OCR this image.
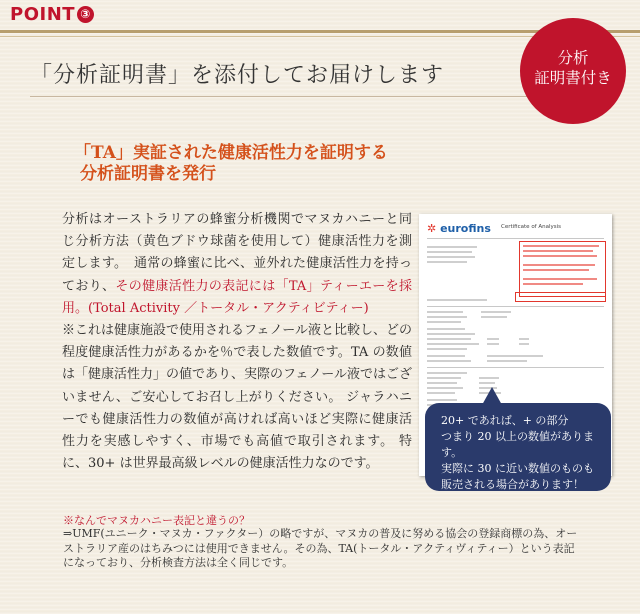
POINT ③
「分析証明書」を添付してお届けします
分析
証明書付き
「TA」実証された健康活性力を証明する
分析証明書を発行
分析はオーストラリアの蜂蜜分析機関でマヌカハニーと同じ分析方法（黄色ブドウ球菌を使用して）健康活性力を測定します。　通常の蜂蜜に比べ、並外れた健康活性力を持っており、その健康活性力の表記には「TA」ティーエーを採用。(Total Activity ／トータル・アクティビティー)
※これは健康施設で使用されるフェノール液と比較し、どの程度健康活性力があるかを％で表した数値です。TA の数値は「健康活性力」の値であり、実際のフェノール液ではございません、ご安心してお召し上がりください。 ジャラハニーでも健康活性力の数値が高ければ高いほど実際に健康活性力を実感しやすく、市場でも高値で取引されます。 特に、30+ は世界最高級レベルの健康活性力なのです。
✲ eurofins Certificate of Analysis
20+ であれば、+ の部分
つまり 20 以上の数値があります。
実際に 30 に近い数値のものも
販売される場合があります！
※なんでマヌカハニー表記と違うの？
⇒UMF(ユニーク・マヌカ・ファクター）の略ですが、マヌカの普及に努める協会の登録商標の為、オーストラリア産のはちみつには使用できません。その為、TA(トータル・アクティヴィティー）という表記になっており、分析検査方法は全く同じです。
